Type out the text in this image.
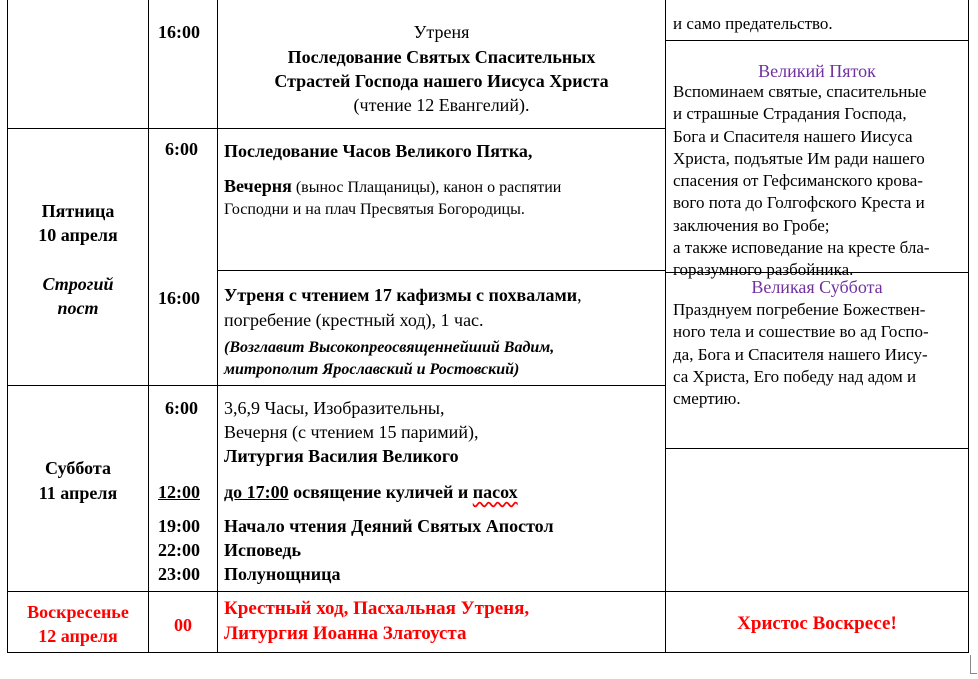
16:00	Утреня
Последование Святых Спасительных
Страстей Господа нашего Иисуса Христа
(чтение 12 Евангелий).
и само предательство.
Пятница
10 апреля
Строгий
пост
6:00 Последование Часов Великого Пятка,
Вечерня (вынос Плащаницы), канон о распятии
Господни и на плач Пресвятыя Богородицы.
16:00 Утреня с чтением 17 кафизмы с похвалами,
погребение (крестный ход), 1 час.
(Возглавит Высокопреосвященнейший Вадим,
митрополит Ярославский и Ростовский)
Великий Пяток
Вспоминаем святые, спасительные
и страшные Страдания Господа,
Бога и Спасителя нашего Иисуса
Христа, подъятые Им ради нашего
спасения от Гефсиманского крова-
вого пота до Голгофского Креста и
заключения во Гробе;
а также исповедание на кресте бла-
горазумного разбойника.
Суббота
11 апреля
6:00 3,6,9 Часы, Изобразительны,
Вечерня (с чтением 15 паримий),
Литургия Василия Великого
12:00 до 17:00 освящение куличей и пасох
19:00 Начало чтения Деяний Святых Апостол
22:00 Исповедь
23:00 Полунощница
Великая Суббота
Празднуем погребение Божествен-
ного тела и сошествие во ад Госпо-
да, Бога и Спасителя нашего Иису-
са Христа, Его победу над адом и
смертию.
Воскресенье
12 апреля
00
Крестный ход, Пасхальная Утреня,
Литургия Иоанна Златоуста	Христос Воскресе!
